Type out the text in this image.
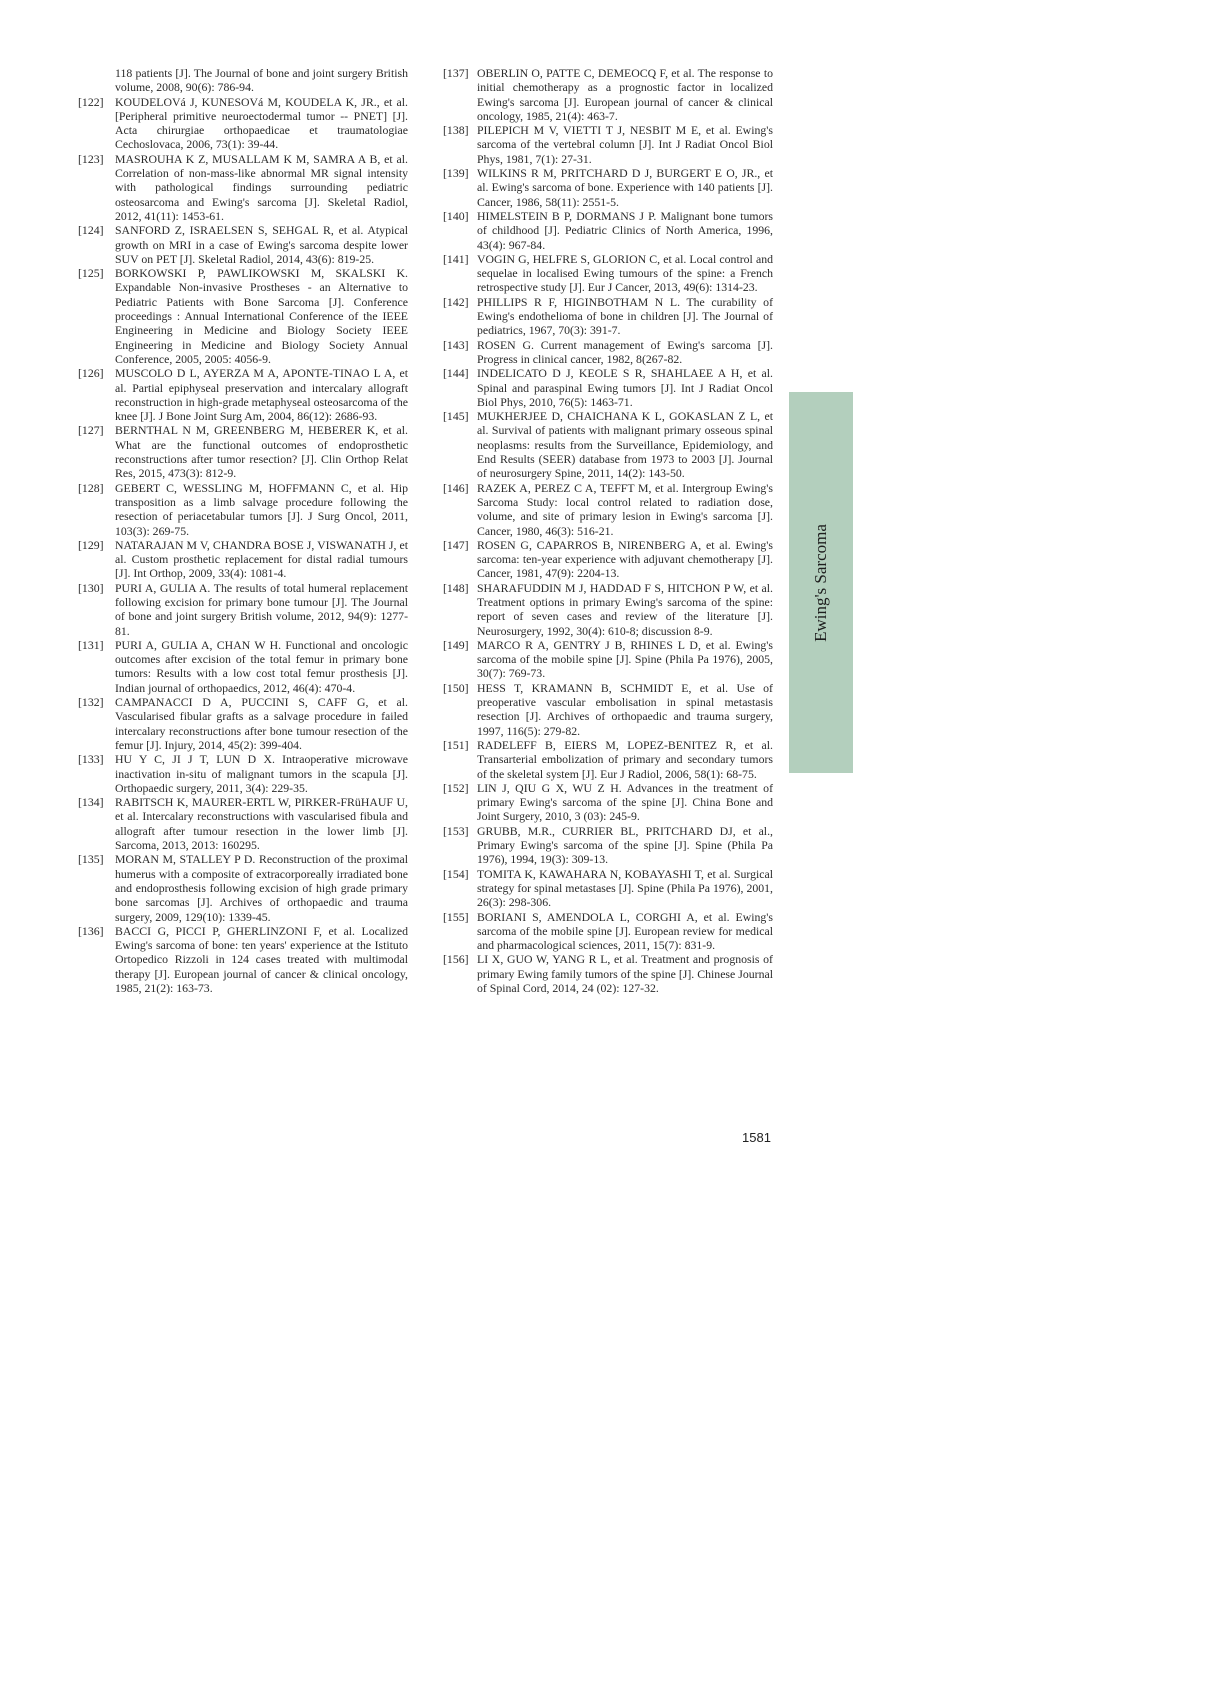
118 patients [J]. The Journal of bone and joint surgery British volume, 2008, 90(6): 786-94.
[122] KOUDELOVá J, KUNESOVá M, KOUDELA K, JR., et al. [Peripheral primitive neuroectodermal tumor -- PNET] [J]. Acta chirurgiae orthopaedicae et traumatologiae Cechoslovaca, 2006, 73(1): 39-44.
[123] MASROUHA K Z, MUSALLAM K M, SAMRA A B, et al. Correlation of non-mass-like abnormal MR signal intensity with pathological findings surrounding pediatric osteosarcoma and Ewing's sarcoma [J]. Skeletal Radiol, 2012, 41(11): 1453-61.
[124] SANFORD Z, ISRAELSEN S, SEHGAL R, et al. Atypical growth on MRI in a case of Ewing's sarcoma despite lower SUV on PET [J]. Skeletal Radiol, 2014, 43(6): 819-25.
[125] BORKOWSKI P, PAWLIKOWSKI M, SKALSKI K. Expandable Non-invasive Prostheses - an Alternative to Pediatric Patients with Bone Sarcoma [J]. Conference proceedings : Annual International Conference of the IEEE Engineering in Medicine and Biology Society IEEE Engineering in Medicine and Biology Society Annual Conference, 2005, 2005: 4056-9.
[126] MUSCOLO D L, AYERZA M A, APONTE-TINAO L A, et al. Partial epiphyseal preservation and intercalary allograft reconstruction in high-grade metaphyseal osteosarcoma of the knee [J]. J Bone Joint Surg Am, 2004, 86(12): 2686-93.
[127] BERNTHAL N M, GREENBERG M, HEBERER K, et al. What are the functional outcomes of endoprosthetic reconstructions after tumor resection? [J]. Clin Orthop Relat Res, 2015, 473(3): 812-9.
[128] GEBERT C, WESSLING M, HOFFMANN C, et al. Hip transposition as a limb salvage procedure following the resection of periacetabular tumors [J]. J Surg Oncol, 2011, 103(3): 269-75.
[129] NATARAJAN M V, CHANDRA BOSE J, VISWANATH J, et al. Custom prosthetic replacement for distal radial tumours [J]. Int Orthop, 2009, 33(4): 1081-4.
[130] PURI A, GULIA A. The results of total humeral replacement following excision for primary bone tumour [J]. The Journal of bone and joint surgery British volume, 2012, 94(9): 1277-81.
[131] PURI A, GULIA A, CHAN W H. Functional and oncologic outcomes after excision of the total femur in primary bone tumors: Results with a low cost total femur prosthesis [J]. Indian journal of orthopaedics, 2012, 46(4): 470-4.
[132] CAMPANACCI D A, PUCCINI S, CAFF G, et al. Vascularised fibular grafts as a salvage procedure in failed intercalary reconstructions after bone tumour resection of the femur [J]. Injury, 2014, 45(2): 399-404.
[133] HU Y C, JI J T, LUN D X. Intraoperative microwave inactivation in-situ of malignant tumors in the scapula [J]. Orthopaedic surgery, 2011, 3(4): 229-35.
[134] RABITSCH K, MAURER-ERTL W, PIRKER-FRüHAUF U, et al. Intercalary reconstructions with vascularised fibula and allograft after tumour resection in the lower limb [J]. Sarcoma, 2013, 2013: 160295.
[135] MORAN M, STALLEY P D. Reconstruction of the proximal humerus with a composite of extracorporeally irradiated bone and endoprosthesis following excision of high grade primary bone sarcomas [J]. Archives of orthopaedic and trauma surgery, 2009, 129(10): 1339-45.
[136] BACCI G, PICCI P, GHERLINZONI F, et al. Localized Ewing's sarcoma of bone: ten years' experience at the Istituto Ortopedico Rizzoli in 124 cases treated with multimodal therapy [J]. European journal of cancer & clinical oncology, 1985, 21(2): 163-73.
[137] OBERLIN O, PATTE C, DEMEOCQ F, et al. The response to initial chemotherapy as a prognostic factor in localized Ewing's sarcoma [J]. European journal of cancer & clinical oncology, 1985, 21(4): 463-7.
[138] PILEPICH M V, VIETTI T J, NESBIT M E, et al. Ewing's sarcoma of the vertebral column [J]. Int J Radiat Oncol Biol Phys, 1981, 7(1): 27-31.
[139] WILKINS R M, PRITCHARD D J, BURGERT E O, JR., et al. Ewing's sarcoma of bone. Experience with 140 patients [J]. Cancer, 1986, 58(11): 2551-5.
[140] HIMELSTEIN B P, DORMANS J P. Malignant bone tumors of childhood [J]. Pediatric Clinics of North America, 1996, 43(4): 967-84.
[141] VOGIN G, HELFRE S, GLORION C, et al. Local control and sequelae in localised Ewing tumours of the spine: a French retrospective study [J]. Eur J Cancer, 2013, 49(6): 1314-23.
[142] PHILLIPS R F, HIGINBOTHAM N L. The curability of Ewing's endothelioma of bone in children [J]. The Journal of pediatrics, 1967, 70(3): 391-7.
[143] ROSEN G. Current management of Ewing's sarcoma [J]. Progress in clinical cancer, 1982, 8(267-82.
[144] INDELICATO D J, KEOLE S R, SHAHLAEE A H, et al. Spinal and paraspinal Ewing tumors [J]. Int J Radiat Oncol Biol Phys, 2010, 76(5): 1463-71.
[145] MUKHERJEE D, CHAICHANA K L, GOKASLAN Z L, et al. Survival of patients with malignant primary osseous spinal neoplasms: results from the Surveillance, Epidemiology, and End Results (SEER) database from 1973 to 2003 [J]. Journal of neurosurgery Spine, 2011, 14(2): 143-50.
[146] RAZEK A, PEREZ C A, TEFFT M, et al. Intergroup Ewing's Sarcoma Study: local control related to radiation dose, volume, and site of primary lesion in Ewing's sarcoma [J]. Cancer, 1980, 46(3): 516-21.
[147] ROSEN G, CAPARROS B, NIRENBERG A, et al. Ewing's sarcoma: ten-year experience with adjuvant chemotherapy [J]. Cancer, 1981, 47(9): 2204-13.
[148] SHARAFUDDIN M J, HADDAD F S, HITCHON P W, et al. Treatment options in primary Ewing's sarcoma of the spine: report of seven cases and review of the literature [J]. Neurosurgery, 1992, 30(4): 610-8; discussion 8-9.
[149] MARCO R A, GENTRY J B, RHINES L D, et al. Ewing's sarcoma of the mobile spine [J]. Spine (Phila Pa 1976), 2005, 30(7): 769-73.
[150] HESS T, KRAMANN B, SCHMIDT E, et al. Use of preoperative vascular embolisation in spinal metastasis resection [J]. Archives of orthopaedic and trauma surgery, 1997, 116(5): 279-82.
[151] RADELEFF B, EIERS M, LOPEZ-BENITEZ R, et al. Transarterial embolization of primary and secondary tumors of the skeletal system [J]. Eur J Radiol, 2006, 58(1): 68-75.
[152] LIN J, QIU G X, WU Z H. Advances in the treatment of primary Ewing's sarcoma of the spine [J]. China Bone and Joint Surgery, 2010, 3 (03): 245-9.
[153] GRUBB, M.R., CURRIER BL, PRITCHARD DJ, et al., Primary Ewing's sarcoma of the spine [J]. Spine (Phila Pa 1976), 1994, 19(3): 309-13.
[154] TOMITA K, KAWAHARA N, KOBAYASHI T, et al. Surgical strategy for spinal metastases [J]. Spine (Phila Pa 1976), 2001, 26(3): 298-306.
[155] BORIANI S, AMENDOLA L, CORGHI A, et al. Ewing's sarcoma of the mobile spine [J]. European review for medical and pharmacological sciences, 2011, 15(7): 831-9.
[156] LI X, GUO W, YANG R L, et al. Treatment and prognosis of primary Ewing family tumors of the spine [J]. Chinese Journal of Spinal Cord, 2014, 24 (02): 127-32.
Ewing's Sarcoma
1581
